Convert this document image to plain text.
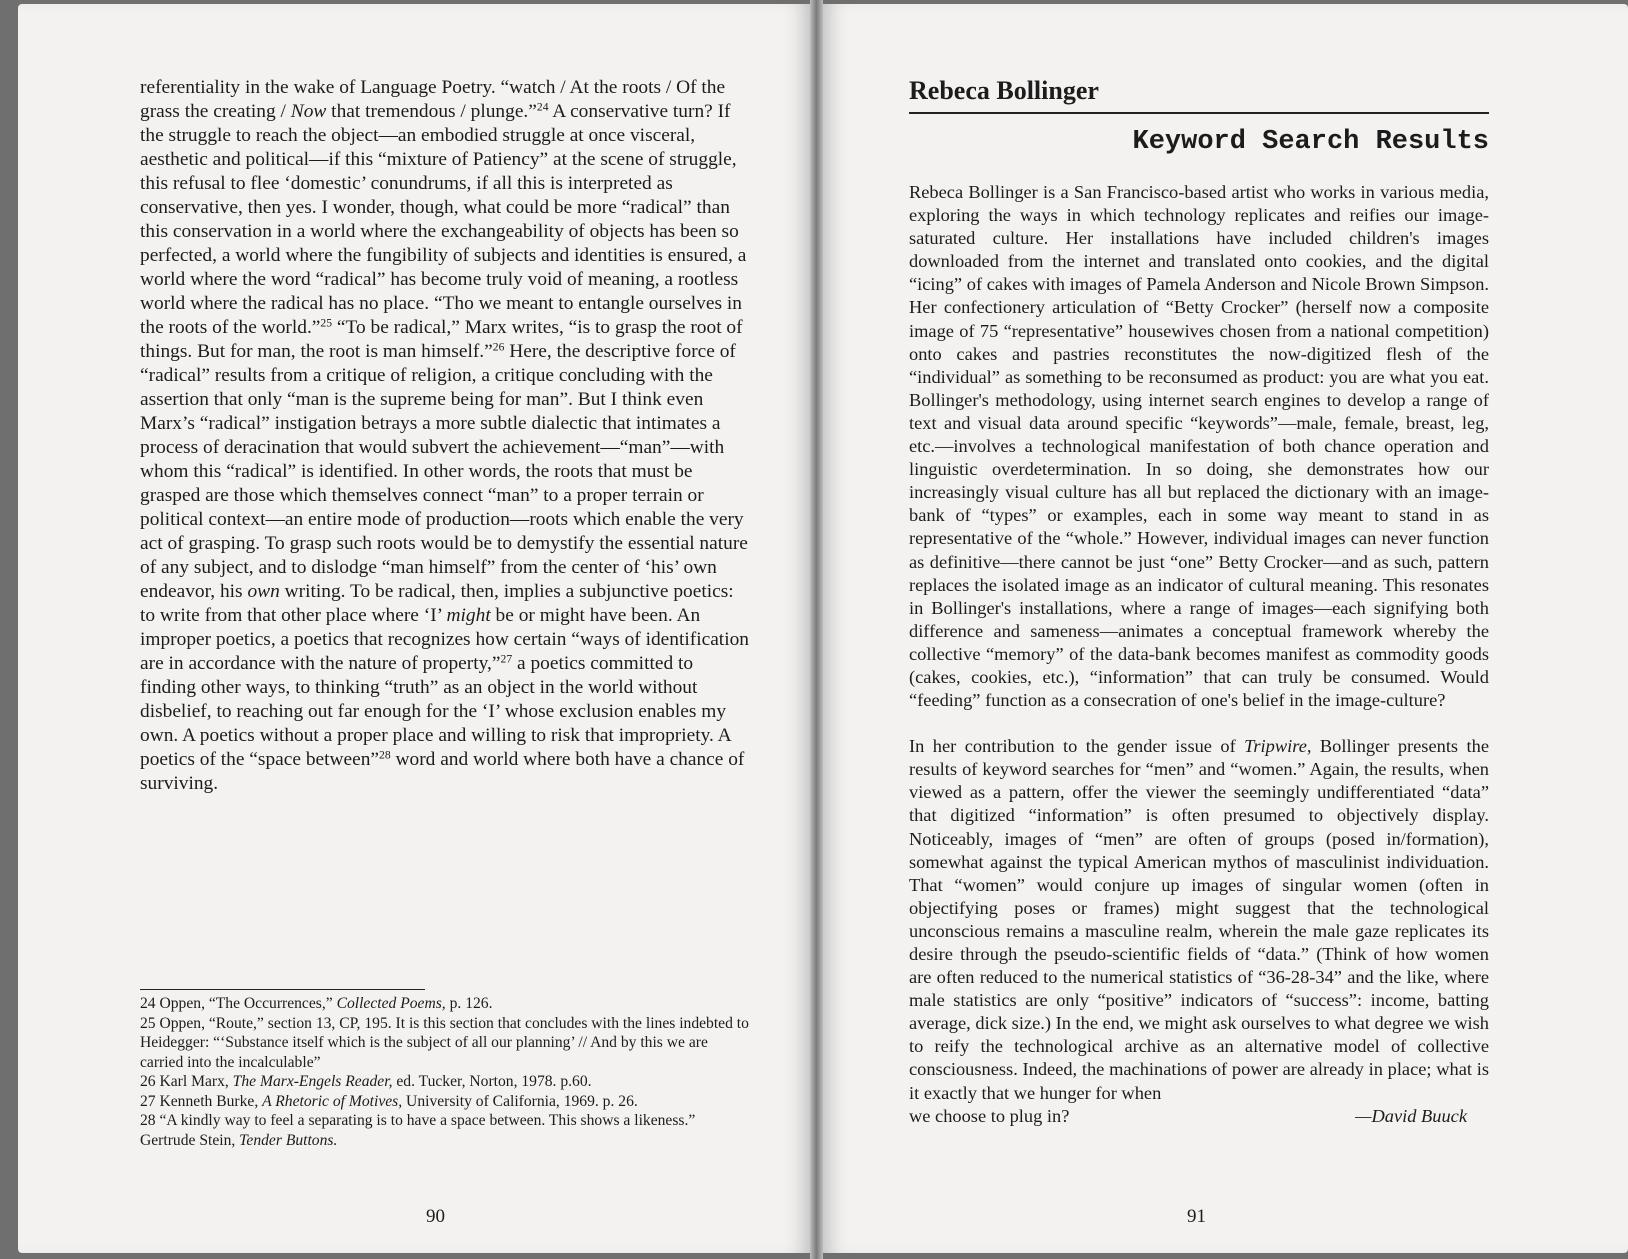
referentiality in the wake of Language Poetry. “watch / At the roots / Of the grass the creating / Now that tremendous / plunge.”$^{24}$ A conservative turn? If the struggle to reach the object—an embodied struggle at once visceral, aesthetic and political—if this “mixture of Patiency” at the scene of struggle, this refusal to flee ‘domestic’ conundrums, if all this is interpreted as conservative, then yes. I wonder, though, what could be more “radical” than this conservation in a world where the exchangeability of objects has been so perfected, a world where the fungibility of subjects and identities is ensured, a world where the word “radical” has become truly void of meaning, a rootless world where the radical has no place. “Tho we meant to entangle ourselves in the roots of the world.”$^{25}$ “To be radical,” Marx writes, “is to grasp the root of things. But for man, the root is man himself.”$^{26}$ Here, the descriptive force of “radical” results from a critique of religion, a critique concluding with the assertion that only “man is the supreme being for man”. But I think even Marx’s “radical” instigation betrays a more subtle dialectic that intimates a process of deracination that would subvert the achievement—“man”—with whom this “radical” is identified. In other words, the roots that must be grasped are those which themselves connect “man” to a proper terrain or political context—an entire mode of production—roots which enable the very act of grasping. To grasp such roots would be to demystify the essential nature of any subject, and to dislodge “man himself” from the center of ‘his’ own endeavor, his own writing. To be radical, then, implies a subjunctive poetics: to write from that other place where ‘I’ might be or might have been. An improper poetics, a poetics that recognizes how certain “ways of identification are in accordance with the nature of property,”$^{27}$ a poetics committed to finding other ways, to thinking “truth” as an object in the world without disbelief, to reaching out far enough for the ‘I’ whose exclusion enables my own. A poetics without a proper place and willing to risk that impropriety. A poetics of the “space between”$^{28}$ word and world where both have a chance of surviving.

24 Oppen, “The Occurrences,” Collected Poems, p. 126.
25 Oppen, “Route,” section 13, CP, 195. It is this section that concludes with the lines indebted to Heidegger: “‘Substance itself which is the subject of all our planning’ // And by this we are carried into the incalculable”
26 Karl Marx, The Marx-Engels Reader, ed. Tucker, Norton, 1978. p.60.
27 Kenneth Burke, A Rhetoric of Motives, University of California, 1969. p. 26.
28 “A kindly way to feel a separating is to have a space between. This shows a likeness.” Gertrude Stein, Tender Buttons.
90
Rebeca Bollinger
Keyword Search Results

Rebeca Bollinger is a San Francisco-based artist who works in various media, exploring the ways in which technology replicates and reifies our image-saturated culture. Her installations have included children's images downloaded from the internet and translated onto cookies, and the digital “icing” of cakes with images of Pamela Anderson and Nicole Brown Simpson. Her confectionery articulation of “Betty Crocker” (herself now a composite image of 75 “representative” housewives chosen from a national competition) onto cakes and pastries reconstitutes the now-digitized flesh of the “individual” as something to be reconsumed as product: you are what you eat. Bollinger's methodology, using internet search engines to develop a range of text and visual data around specific “keywords”—male, female, breast, leg, etc.—involves a technological manifestation of both chance operation and linguistic overdetermination. In so doing, she demonstrates how our increasingly visual culture has all but replaced the dictionary with an image-bank of “types” or examples, each in some way meant to stand in as representative of the “whole.” However, individual images can never function as definitive—there cannot be just “one” Betty Crocker—and as such, pattern replaces the isolated image as an indicator of cultural meaning. This resonates in Bollinger's installations, where a range of images—each signifying both difference and sameness—animates a conceptual framework whereby the collective “memory” of the data-bank becomes manifest as commodity goods (cakes, cookies, etc.), “information” that can truly be consumed. Would “feeding” function as a consecration of one's belief in the image-culture?

In her contribution to the gender issue of Tripwire, Bollinger presents the results of keyword searches for “men” and “women.” Again, the results, when viewed as a pattern, offer the viewer the seemingly undifferentiated “data” that digitized “information” is often presumed to objectively display. Noticeably, images of “men” are often of groups (posed in/formation), somewhat against the typical American mythos of masculinist individuation. That “women” would conjure up images of singular women (often in objectifying poses or frames) might suggest that the technological unconscious remains a masculine realm, wherein the male gaze replicates its desire through the pseudo-scientific fields of “data.” (Think of how women are often reduced to the numerical statistics of “36-28-34” and the like, where male statistics are only “positive” indicators of “success”: income, batting average, dick size.) In the end, we might ask ourselves to what degree we wish to reify the technological archive as an alternative model of collective consciousness. Indeed, the machinations of power are already in place; what is it exactly that we hunger for when

we choose to plug in?	—David Buuck
91
